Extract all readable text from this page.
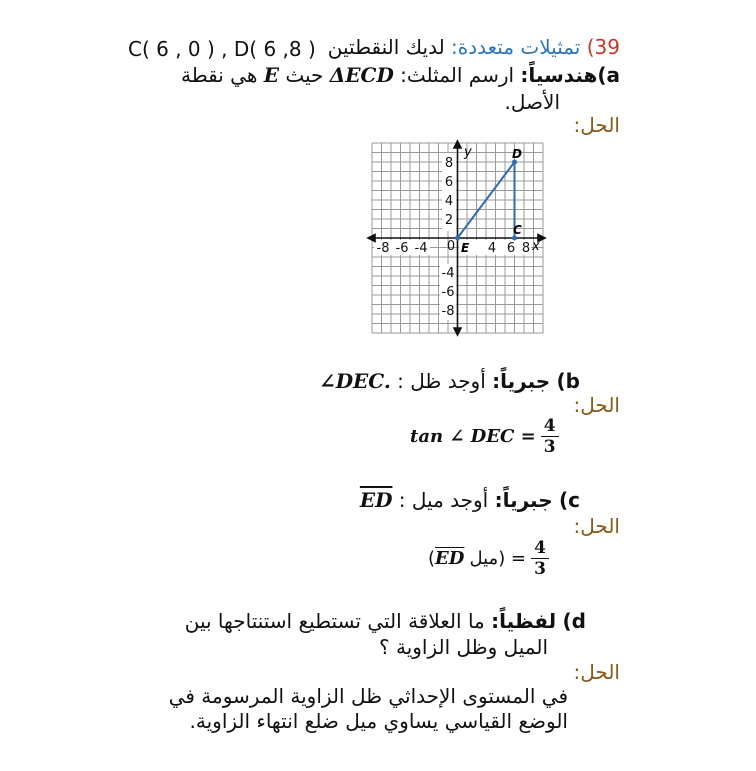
39) تمثيلات متعددة: لديك النقطتين
C( 6 , 0 ) , D( 6 ,8 )
a)هندسياً: ارسم المثلث: ΔECD حيث E هي نقطة
الأصل.
الحل:
-8 -6 -4 0	4 6 8
8
6
4
2
-4
-6
-8
x
y
E
D
C
b) جبرياً: أوجد ظل : ∠DEC.
الحل:
tan ∠ DEC = $\frac{4}{3}$
c) جبرياً: أوجد ميل : $\overline{ED}$
الحل:
($\overline{ED}$ ميل) = $\frac{4}{3}$
d) لفظياً: ما العلاقة التي تستطيع استنتاجها بين
الميل وظل الزاوية ؟
الحل:
في المستوى الإحداثي ظل الزاوية المرسومة في
الوضع القياسي يساوي ميل ضلع انتهاء الزاوية.
